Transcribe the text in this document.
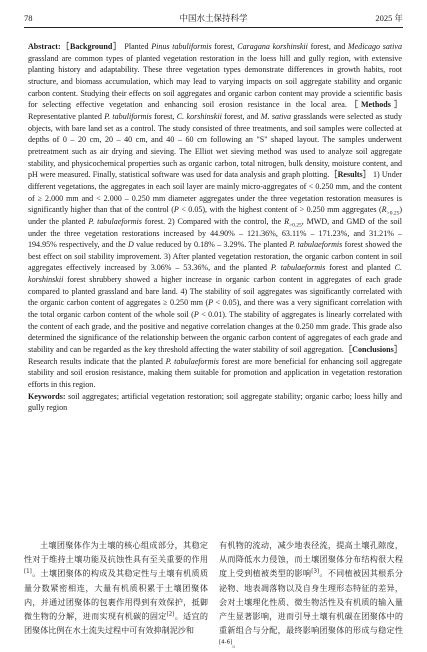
78	中国水土保持科学	2025 年

Abstract:［Background］ Planted Pinus tabuliformis forest, Caragana korshinskii forest, and Medicago sativa grassland are common types of planted vegetation restoration in the loess hill and gully region, with extensive planting history and adaptability. These three vegetation types demonstrate differences in growth habits, root structure, and biomass accumulation, which may lead to varying impacts on soil aggregate stability and organic carbon content. Studying their effects on soil aggregates and organic carbon content may provide a scientific basis for selecting effective vegetation and enhancing soil erosion resistance in the local area.［Methods］ Representative planted P. tabuliformis forest, C. korshinskii forest, and M. sativa grasslands were selected as study objects, with bare land set as a control. The study consisted of three treatments, and soil samples were collected at depths of 0 – 20 cm, 20 – 40 cm, and 40 – 60 cm following an "S" shaped layout. The samples underwent pretreatment such as air drying and sieving. The Elliot wet sieving method was used to analyze soil aggregate stability, and physicochemical properties such as organic carbon, total nitrogen, bulk density, moisture content, and pH were measured. Finally, statistical software was used for data analysis and graph plotting.［Results］ 1) Under different vegetations, the aggregates in each soil layer are mainly micro-aggregates of < 0.250 mm, and the content of ≥ 2.000 mm and < 2.000 – 0.250 mm diameter aggregates under the three vegetation restoration measures is significantly higher than that of the control (P < 0.05), with the highest content of > 0.250 mm aggregates $(R_{>0.25})$ under the planted P. tabulaeformis forest. 2) Compared with the control, the $R_{>0.25}$, MWD, and GMD of the soil under the three vegetation restorations increased by 44.90% – 121.36%, 63.11% – 171.23%, and 31.21% – 194.95% respectively, and the D value reduced by 0.18% – 3.29%. The planted P. tabulaeformis forest showed the best effect on soil stability improvement. 3) After planted vegetation restoration, the organic carbon content in soil aggregates effectively increased by 3.06% – 53.36%, and the planted P. tabulaeformis forest and planted C. korshinskii forest shrubbery showed a higher increase in organic carbon content in aggregates of each grade compared to planted grassland and bare land. 4) The stability of soil aggregates was significantly correlated with the organic carbon content of aggregates ≥ 0.250 mm (P < 0.05), and there was a very significant correlation with the total organic carbon content of the whole soil (P < 0.01). The stability of aggregates is linearly correlated with the content of each grade, and the positive and negative correlation changes at the 0.250 mm grade. This grade also determined the significance of the relationship between the organic carbon content of aggregates of each grade and stability and can be regarded as the key threshold affecting the water stability of soil aggregation.［Conclusions］ Research results indicate that the planted P. tabulaeformis forest are more beneficial for enhancing soil aggregate stability and soil erosion resistance, making them suitable for promotion and application in vegetation restoration efforts in this region.

Keywords: soil aggregates; artificial vegetation restoration; soil aggregate stability; organic carbo; loess hilly and gully region

土壤团聚体作为土壤的核心组成部分，其稳定性对于维持土壤功能及抗蚀性具有至关重要的作用[1]。土壤团聚体的构成及其稳定性与土壤有机质质量分数紧密相连，大量有机质积累于土壤团聚体内，并通过团聚体的包裹作用得到有效保护，抵御微生物的分解，进而实现有机碳的固定[2]。适宜的团聚体比例在水土流失过程中可有效抑制泥沙和

有机物的流动，减少地表径流，提高土壤孔隙度，从而降低水力侵蚀，而土壤团聚体分布结构很大程度上受到植被类型的影响[3]。不同植被因其根系分泌物、地表凋落物以及自身生理形态特征的差异，会对土壤理化性质、微生物活性及有机质的输入量产生显著影响，进而引导土壤有机碳在团聚体中的重新组合与分配，最终影响团聚体的形成与稳定性[4-6]。
